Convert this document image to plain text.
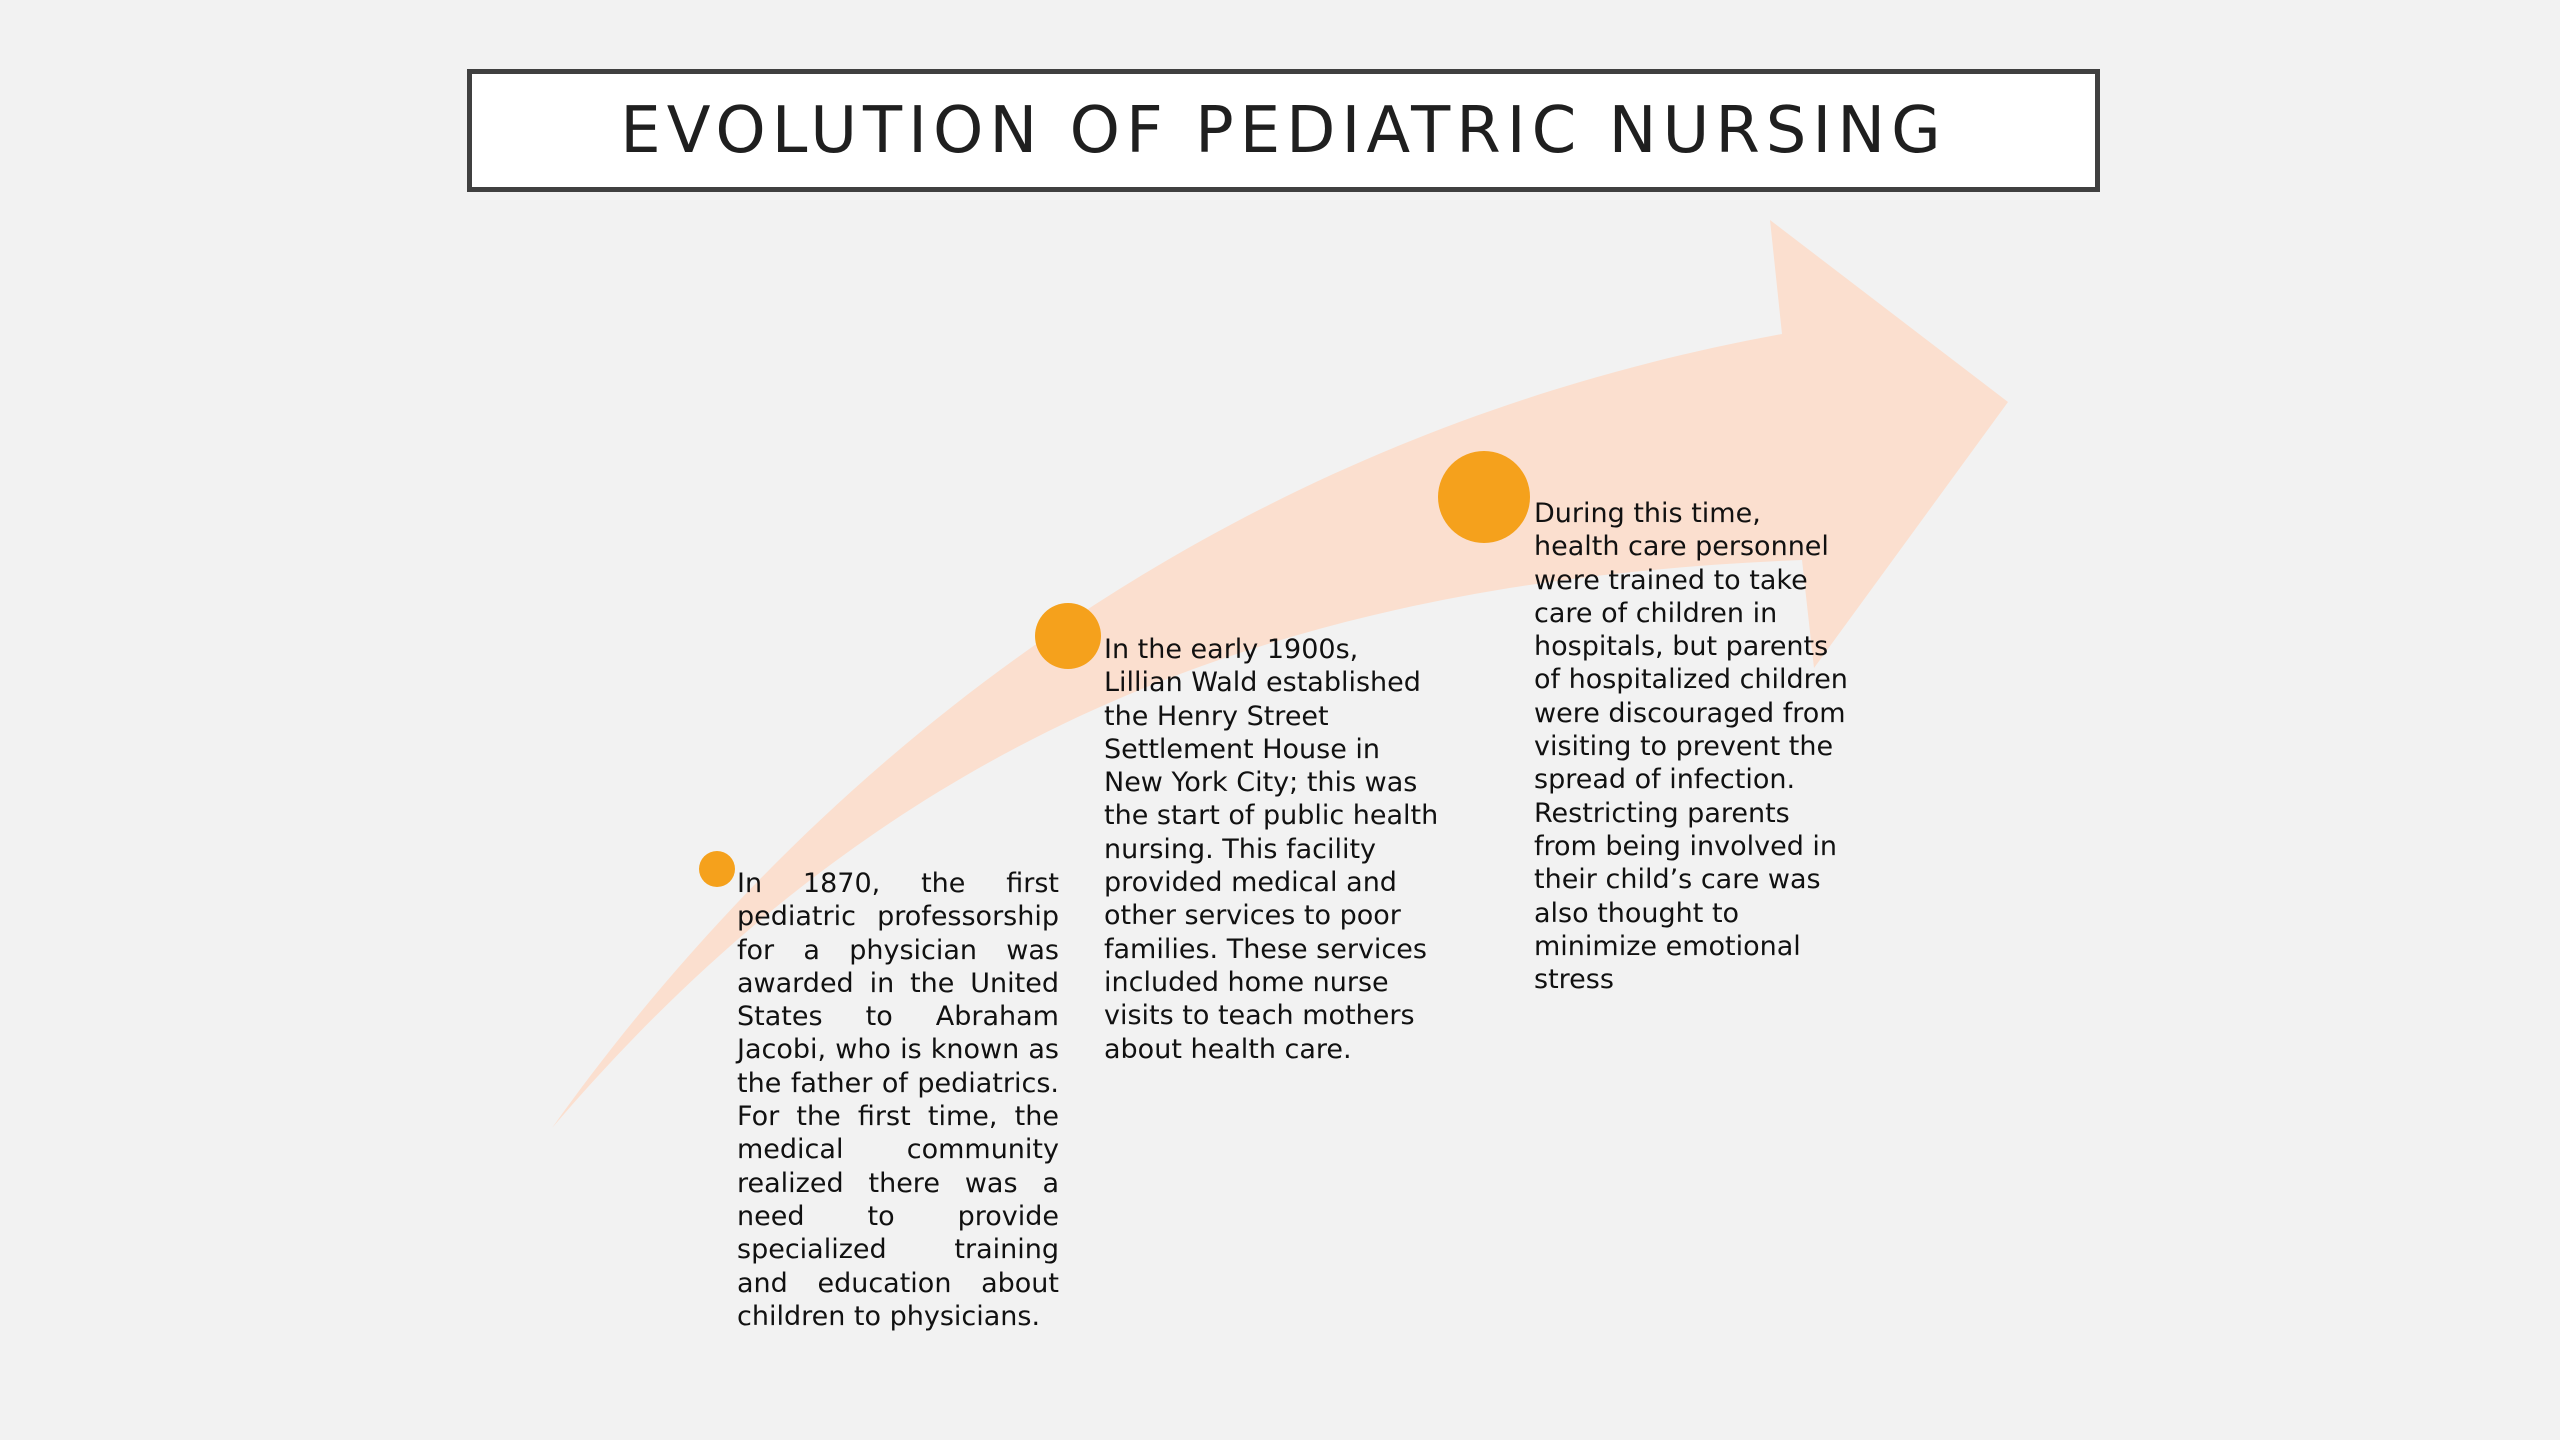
EVOLUTION OF PEDIATRIC NURSING

In 1870, the first pediatric professorship for a physician was awarded in the United States to Abraham Jacobi, who is known as the father of pediatrics. For the first time, the medical community realized there was a need to provide specialized training and education about children to physicians.

In the early 1900s, Lillian Wald established the Henry Street Settlement House in New York City; this was the start of public health nursing. This facility provided medical and other services to poor families. These services included home nurse visits to teach mothers about health care.

During this time, health care personnel were trained to take care of children in hospitals, but parents of hospitalized children were discouraged from visiting to prevent the spread of infection. Restricting parents from being involved in their child’s care was also thought to minimize emotional stress
